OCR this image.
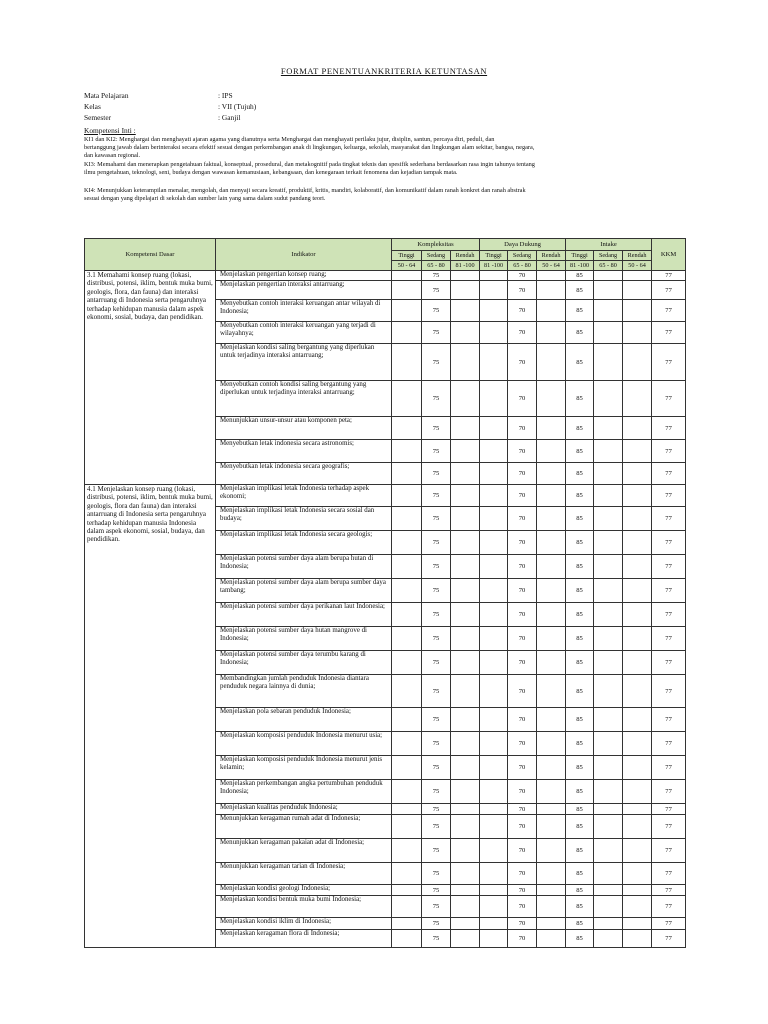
FORMAT PENENTUANKRITERIA KETUNTASAN
Mata Pelajaran	: IPS
Kelas	: VII (Tujuh)
Semester	: Ganjil
Kompetensi Inti :

KI1 dan KI2: Menghargai dan menghayati ajaran agama yang dianutnya serta Menghargai dan menghayati perilaku jujur, disiplin, santun, percaya diri, peduli, dan

bertanggung jawab dalam berinteraksi secara efektif sesuai dengan perkembangan anak di lingkungan, keluarga, sekolah, masyarakat dan lingkungan alam sekitar, bangsa, negara,

dan kawasan regional.

KI3: Memahami dan menerapkan pengetahuan faktual, konseptual, prosedural, dan metakognitif pada tingkat teknis dan spesifik sederhana berdasarkan rasa ingin tahunya tentang

ilmu pengetahuan, teknologi, seni, budaya dengan wawasan kemanusiaan, kebangsaan, dan kenegaraan terkait fenomena dan kejadian tampak mata.

KI4: Menunjukkan keterampilan menalar, mengolah, dan menyaji secara kreatif, produktif, kritis, mandiri, kolaboratif, dan komunikatif dalam ranah konkret dan ranah abstrak

sesuai dengan yang dipelajari di sekolah dan sumber lain yang sama dalam sudut pandang teori.

Kompetensi Dasar	Indikator	Kompleksitas			Daya Dukung			Intake			KKM
		Tinggi	Sedang	Rendah	Tinggi	Sedang	Rendah	Tinggi	Sedang	Rendah	
		50 - 64	65 - 80	81 -100	81 -100	65 - 80	50 - 64	81 -100	65 - 80	50 - 64	
3.1 Memahami konsep ruang (lokasi, distribusi, potensi, iklim, bentuk muka bumi, geologis, flora, dan fauna) dan interaksi antarruang di Indonesia serta pengaruhnya terhadap kehidupan manusia dalam aspek ekonomi, sosial, budaya, dan pendidikan.	Menjelaskan pengertian konsep ruang;		75			70		85			77
	Menjelaskan pengertian interaksi antarruang;		75			70		85			77
	Menyebutkan contoh interaksi keruangan antar wilayah di Indonesia;		75			70		85			77
	Menyebutkan contoh interaksi keruangan yang terjadi di wilayahnya;		75			70		85			77
	Menjelaskan kondisi saling bergantung yang diperlukan untuk terjadinya interaksi antarruang;		75			70		85			77
	Menyebutkan contoh kondisi saling bergantung yang diperlukan untuk terjadinya interaksi antarruang;		75			70		85			77
	Menunjukkan unsur-unsur atau komponen peta;		75			70		85			77
	Menyebutkan letak indonesia secara astronomis;		75			70		85			77
	Menyebutkan letak indonesia secara geografis;		75			70		85			77
4.1 Menjelaskan konsep ruang (lokasi, distribusi, potensi, iklim, bentuk muka bumi, geologis, flora dan fauna) dan interaksi antarruang di Indonesia serta pengaruhnya terhadap kehidupan manusia Indonesia dalam aspek ekonomi, sosial, budaya, dan pendidikan.	Menjelaskan implikasi letak Indonesia terhadap aspek ekonomi;		75			70		85			77
	Menjelaskan implikasi letak Indonesia secara sosial dan budaya;		75			70		85			77
	Menjelaskan implikasi letak Indonesia secara geologis;		75			70		85			77
	Menjelaskan potensi sumber daya alam berupa hutan di Indonesia;		75			70		85			77
	Menjelaskan potensi sumber daya alam berupa sumber daya tambang;		75			70		85			77
	Menjelaskan potensi sumber daya perikanan laut Indonesia;		75			70		85			77
	Menjelaskan potensi sumber daya hutan mangrove di Indonesia;		75			70		85			77
	Menjelaskan potensi sumber daya terumbu karang di Indonesia;		75			70		85			77
	Membandingkan jumlah penduduk Indonesia diantara penduduk negara lainnya di dunia;		75			70		85			77
	Menjelaskan pola sebaran penduduk Indonesia;		75			70		85			77
	Menjelaskan komposisi penduduk Indonesia menurut usia;		75			70		85			77
	Menjelaskan komposisi penduduk Indonesia menurut jenis kelamin;		75			70		85			77
	Menjelaskan perkembangan angka pertumbuhan penduduk Indonesia;		75			70		85			77
	Menjelaskan kualitas penduduk Indonesia;		75			70		85			77
	Menunjukkan keragaman rumah adat di Indonesia;		75			70		85			77
	Menunjukkan keragaman pakaian adat di Indonesia;		75			70		85			77
	Menunjukkan keragaman tarian di Indonesia;		75			70		85			77
	Menjelaskan kondisi geologi Indonesia;		75			70		85			77
	Menjelaskan kondisi bentuk muka bumi Indonesia;		75			70		85			77
	Menjelaskan kondisi iklim di Indonesia;		75			70		85			77
	Menjelaskan keragaman flora di Indonesia;		75			70		85			77
